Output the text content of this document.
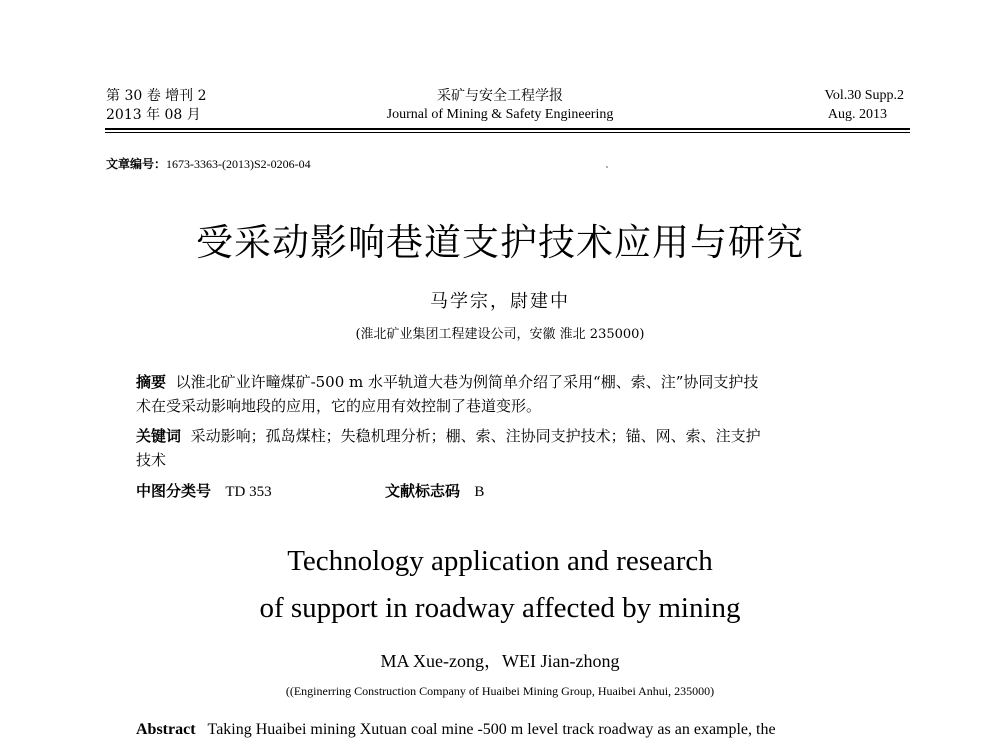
第 30 卷 增刊 2
2013 年 08 月
采矿与安全工程学报
Journal of Mining & Safety Engineering
Vol.30 Supp.2
Aug. 2013
文章编号：1673-3363-(2013)S2-0206-04
受采动影响巷道支护技术应用与研究
马学宗，尉建中
(淮北矿业集团工程建设公司，安徽 淮北 235000)
摘要 以淮北矿业许疃煤矿-500 m 水平轨道大巷为例简单介绍了采用“棚、索、注”协同支护技
术在受采动影响地段的应用，它的应用有效控制了巷道变形。
关键词 采动影响；孤岛煤柱；失稳机理分析；棚、索、注协同支护技术；锚、网、索、注支护
技术
中图分类号 TD 353	文献标志码 B
Technology application and research
of support in roadway affected by mining
MA Xue-zong，WEI Jian-zhong
((Enginerring Construction Company of Huaibei Mining Group, Huaibei Anhui, 235000)
Abstract Taking Huaibei mining Xutuan coal mine -500 m level track roadway as an example, the
